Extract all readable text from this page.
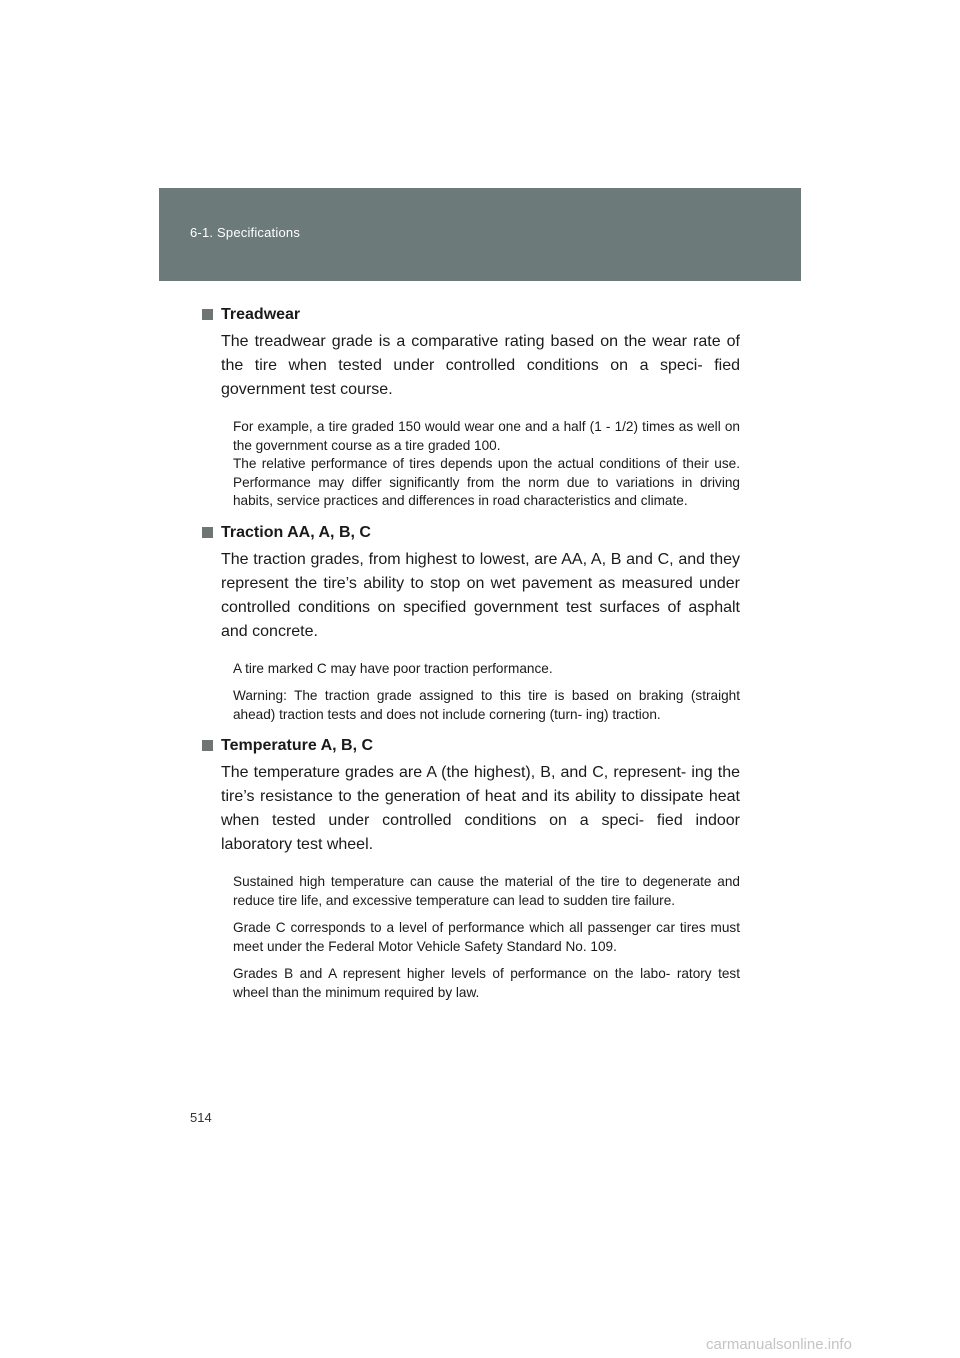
6-1. Specifications
Treadwear

The treadwear grade is a comparative rating based on the wear rate of the tire when tested under controlled conditions on a speci- fied government test course.

For example, a tire graded 150 would wear one and a half (1 - 1/2) times as well on the government course as a tire graded 100.

The relative performance of tires depends upon the actual conditions of their use. Performance may differ significantly from the norm due to variations in driving habits, service practices and differences in road characteristics and climate.

Traction AA, A, B, C

The traction grades, from highest to lowest, are AA, A, B and C, and they represent the tire’s ability to stop on wet pavement as measured under controlled conditions on specified government test surfaces of asphalt and concrete.

A tire marked C may have poor traction performance.

Warning: The traction grade assigned to this tire is based on braking (straight ahead) traction tests and does not include cornering (turn- ing) traction.

Temperature A, B, C

The temperature grades are A (the highest), B, and C, represent- ing the tire’s resistance to the generation of heat and its ability to dissipate heat when tested under controlled conditions on a speci- fied indoor laboratory test wheel.

Sustained high temperature can cause the material of the tire to degenerate and reduce tire life, and excessive temperature can lead to sudden tire failure.

Grade C corresponds to a level of performance which all passenger car tires must meet under the Federal Motor Vehicle Safety Standard No. 109.

Grades B and A represent higher levels of performance on the labo- ratory test wheel than the minimum required by law.

514
carmanualsonline.info
